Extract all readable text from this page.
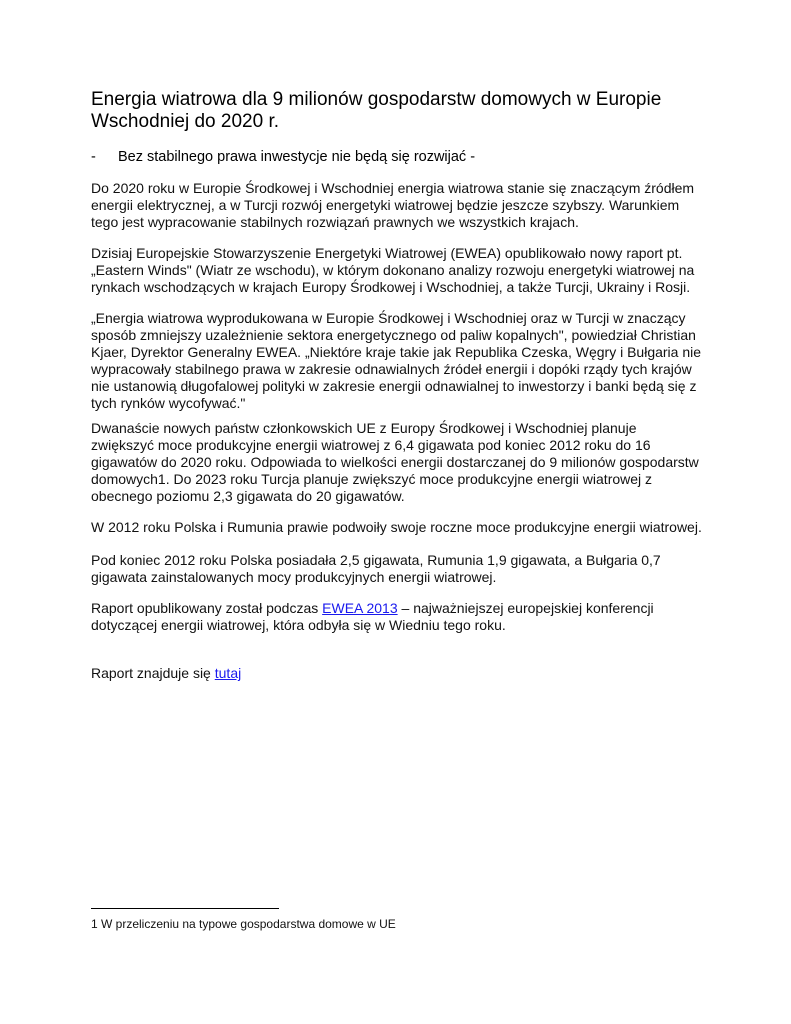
Energia wiatrowa dla 9 milionów gospodarstw domowych w Europie Wschodniej do 2020 r.
- Bez stabilnego prawa inwestycje nie będą się rozwijać -

Do 2020 roku w Europie Środkowej i Wschodniej energia wiatrowa stanie się znaczącym źródłem energii elektrycznej, a w Turcji rozwój energetyki wiatrowej będzie jeszcze szybszy. Warunkiem tego jest wypracowanie stabilnych rozwiązań prawnych we wszystkich krajach.

Dzisiaj Europejskie Stowarzyszenie Energetyki Wiatrowej (EWEA) opublikowało nowy raport pt. „Eastern Winds" (Wiatr ze wschodu), w którym dokonano analizy rozwoju energetyki wiatrowej na rynkach wschodzących w krajach Europy Środkowej i Wschodniej, a także Turcji, Ukrainy i Rosji.

„Energia wiatrowa wyprodukowana w Europie Środkowej i Wschodniej oraz w Turcji w znaczący sposób zmniejszy uzależnienie sektora energetycznego od paliw kopalnych", powiedział Christian Kjaer, Dyrektor Generalny EWEA. „Niektóre kraje takie jak Republika Czeska, Węgry i Bułgaria nie wypracowały stabilnego prawa w zakresie odnawialnych źródeł energii i dopóki rządy tych krajów nie ustanowią długofalowej polityki w zakresie energii odnawialnej to inwestorzy i banki będą się z tych rynków wycofywać."

Dwanaście nowych państw członkowskich UE z Europy Środkowej i Wschodniej planuje zwiększyć moce produkcyjne energii wiatrowej z 6,4 gigawata pod koniec 2012 roku do 16 gigawatów do 2020 roku. Odpowiada to wielkości energii dostarczanej do 9 milionów gospodarstw domowych1. Do 2023 roku Turcja planuje zwiększyć moce produkcyjne energii wiatrowej z obecnego poziomu 2,3 gigawata do 20 gigawatów.

W 2012 roku Polska i Rumunia prawie podwoiły swoje roczne moce produkcyjne energii wiatrowej.

Pod koniec 2012 roku Polska posiadała 2,5 gigawata, Rumunia 1,9 gigawata, a Bułgaria 0,7 gigawata zainstalowanych mocy produkcyjnych energii wiatrowej.

Raport opublikowany został podczas EWEA 2013 – najważniejszej europejskiej konferencji dotyczącej energii wiatrowej, która odbyła się w Wiedniu tego roku.

Raport znajduje się tutaj

1 W przeliczeniu na typowe gospodarstwa domowe w UE
